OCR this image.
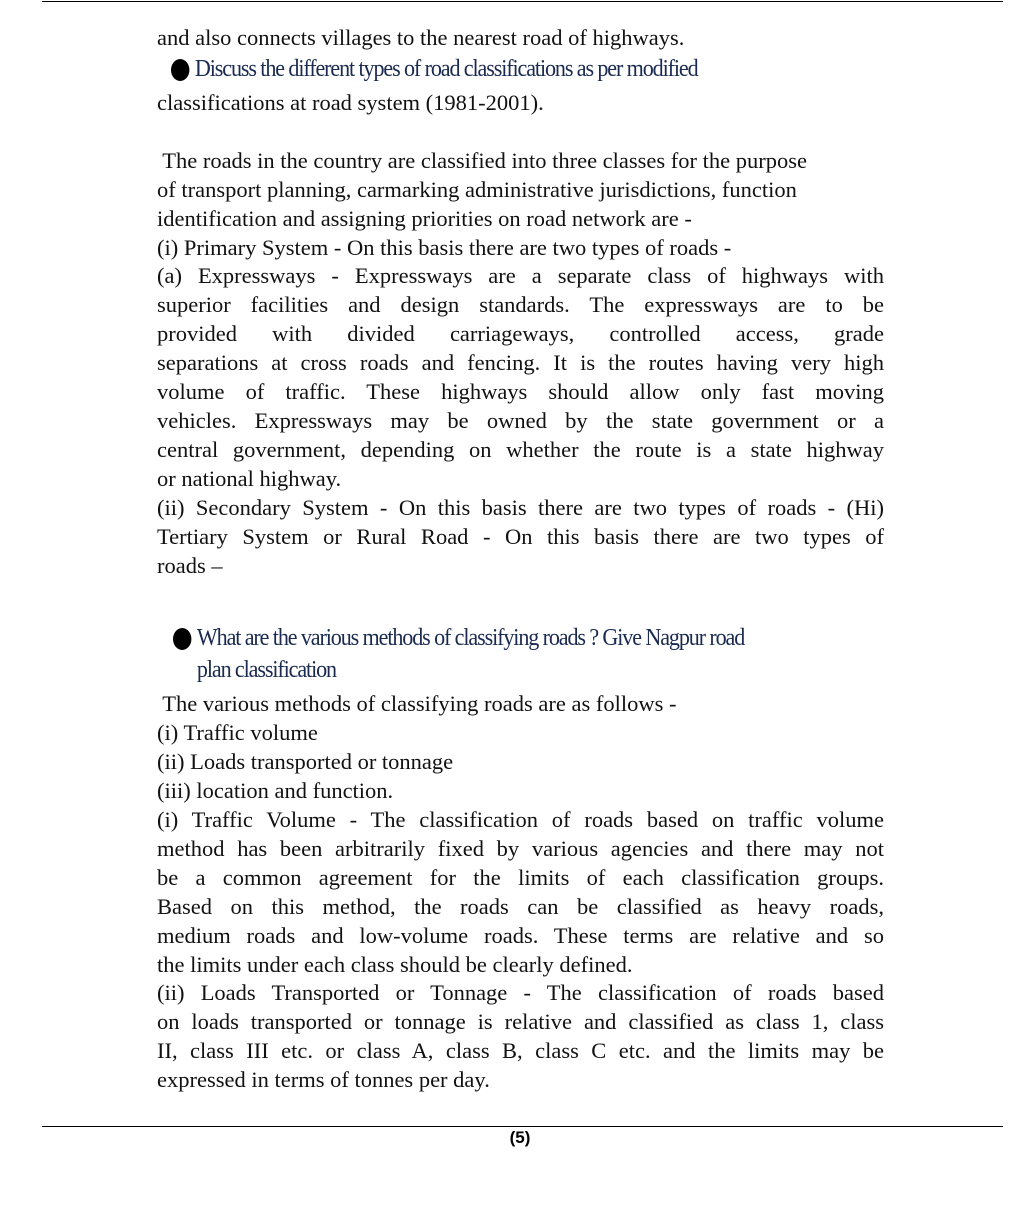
and also connects villages to the nearest road of highways.
Discuss the different types of road classifications as per modified
classifications at road system (1981-2001).
The roads in the country are classified into three classes for the purpose
of transport planning, carmarking administrative jurisdictions, function
identification and assigning priorities on road network are -
(i) Primary System - On this basis there are two types of roads -
(a) Expressways - Expressways are a separate class of highways with
superior facilities and design standards. The expressways are to be
provided with divided carriageways, controlled access, grade
separations at cross roads and fencing. It is the routes having very high
volume of traffic. These highways should allow only fast moving
vehicles. Expressways may be owned by the state government or a
central government, depending on whether the route is a state highway
or national highway.
(ii) Secondary System - On this basis there are two types of roads - (Hi)
Tertiary System or Rural Road - On this basis there are two types of
roads –
What are the various methods of classifying roads ? Give Nagpur road
plan classification
The various methods of classifying roads are as follows -
(i) Traffic volume
(ii) Loads transported or tonnage
(iii) location and function.
(i) Traffic Volume - The classification of roads based on traffic volume
method has been arbitrarily fixed by various agencies and there may not
be a common agreement for the limits of each classification groups.
Based on this method, the roads can be classified as heavy roads,
medium roads and low-volume roads. These terms are relative and so
the limits under each class should be clearly defined.
(ii) Loads Transported or Tonnage - The classification of roads based
on loads transported or tonnage is relative and classified as class 1, class
II, class III etc. or class A, class B, class C etc. and the limits may be
expressed in terms of tonnes per day.
(5)
